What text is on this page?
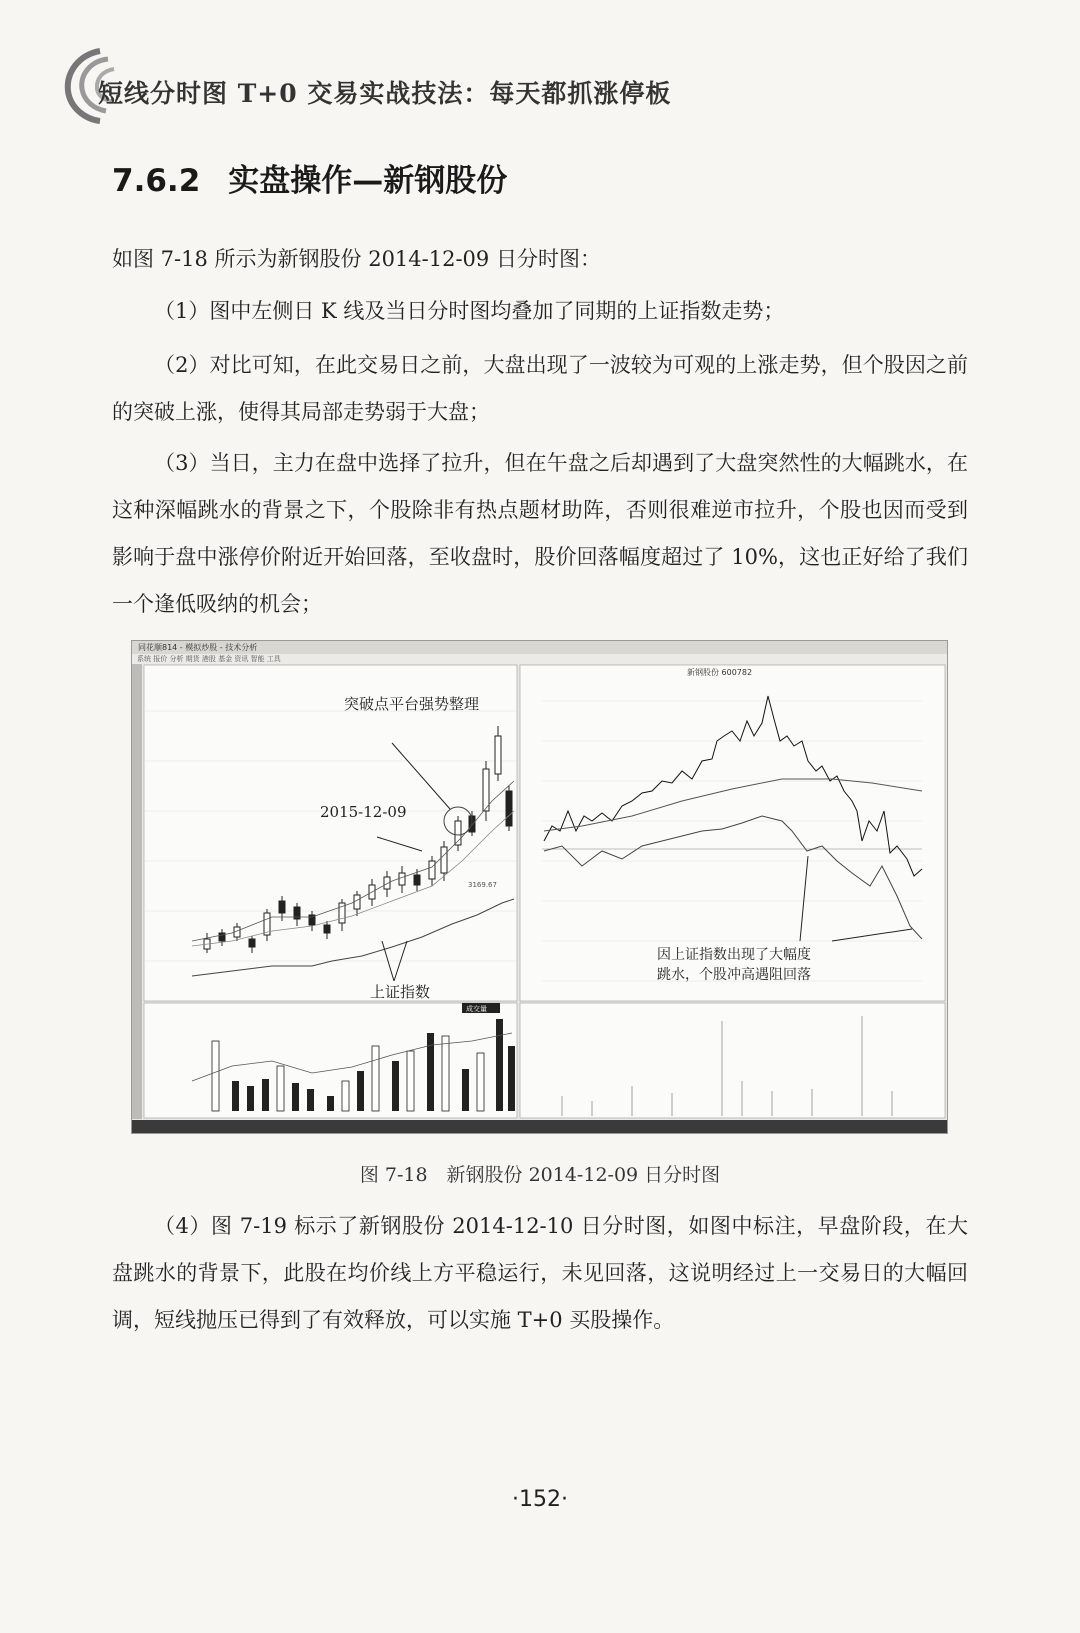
短线分时图 T+0 交易实战技法：每天都抓涨停板
7.6.2 实盘操作—新钢股份
如图 7-18 所示为新钢股份 2014-12-09 日分时图：
（1）图中左侧日 K 线及当日分时图均叠加了同期的上证指数走势；
（2）对比可知，在此交易日之前，大盘出现了一波较为可观的上涨走势，但个股因之前的突破上涨，使得其局部走势弱于大盘；
（3）当日，主力在盘中选择了拉升，但在午盘之后却遇到了大盘突然性的大幅跳水，在这种深幅跳水的背景之下，个股除非有热点题材助阵，否则很难逆市拉升，个股也因而受到影响于盘中涨停价附近开始回落，至收盘时，股价回落幅度超过了 10%，这也正好给了我们一个逢低吸纳的机会；
同花顺814 - 模拟炒股 - 技术分析
系统 报价 分析 期货 港股 基金 资讯 智能 工具
突破点平台强势整理
2015-12-09
上证指数
3169.67
成交量
新钢股份 600782
因上证指数出现了大幅度
跳水，个股冲高遇阻回落
图 7-18　新钢股份 2014-12-09 日分时图
（4）图 7-19 标示了新钢股份 2014-12-10 日分时图，如图中标注，早盘阶段，在大盘跳水的背景下，此股在均价线上方平稳运行，未见回落，这说明经过上一交易日的大幅回调，短线抛压已得到了有效释放，可以实施 T+0 买股操作。
·152·
